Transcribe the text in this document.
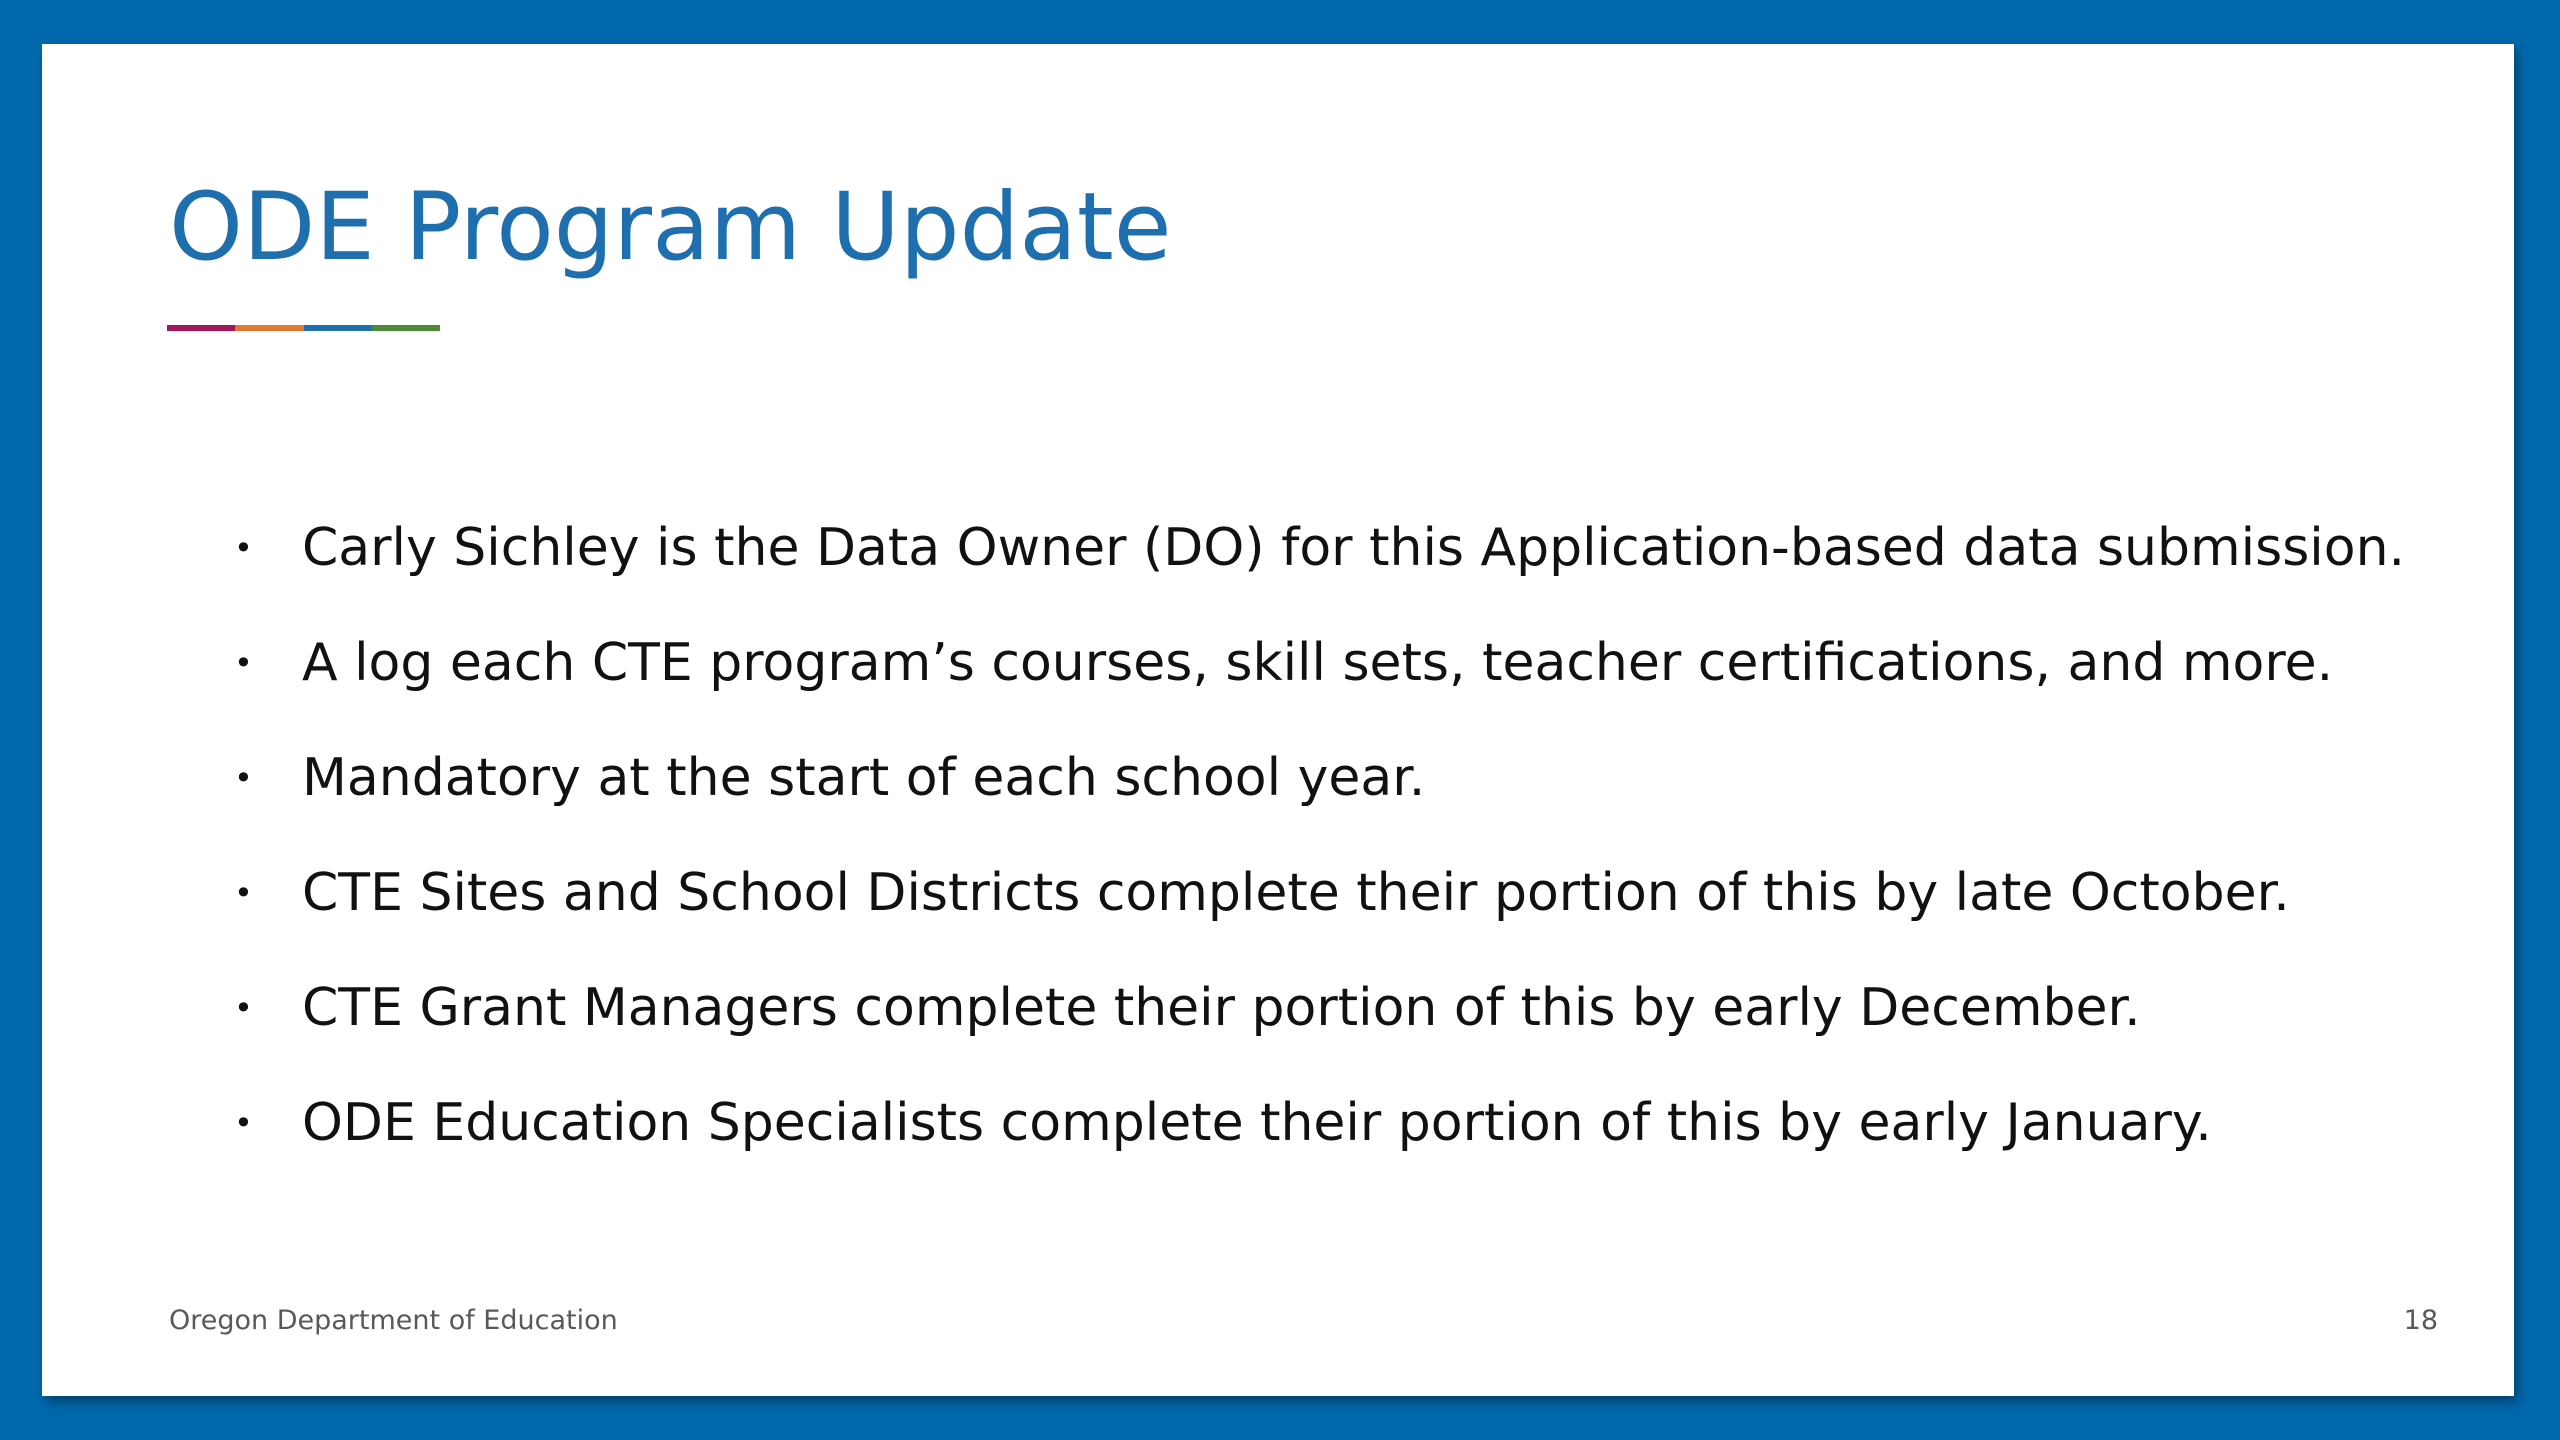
ODE Program Update
• Carly Sichley is the Data Owner (DO) for this Application-based data submission.
• A log each CTE program’s courses, skill sets, teacher certifications, and more.
• Mandatory at the start of each school year.
• CTE Sites and School Districts complete their portion of this by late October.
• CTE Grant Managers complete their portion of this by early December.
• ODE Education Specialists complete their portion of this by early January.
Oregon Department of Education	18
